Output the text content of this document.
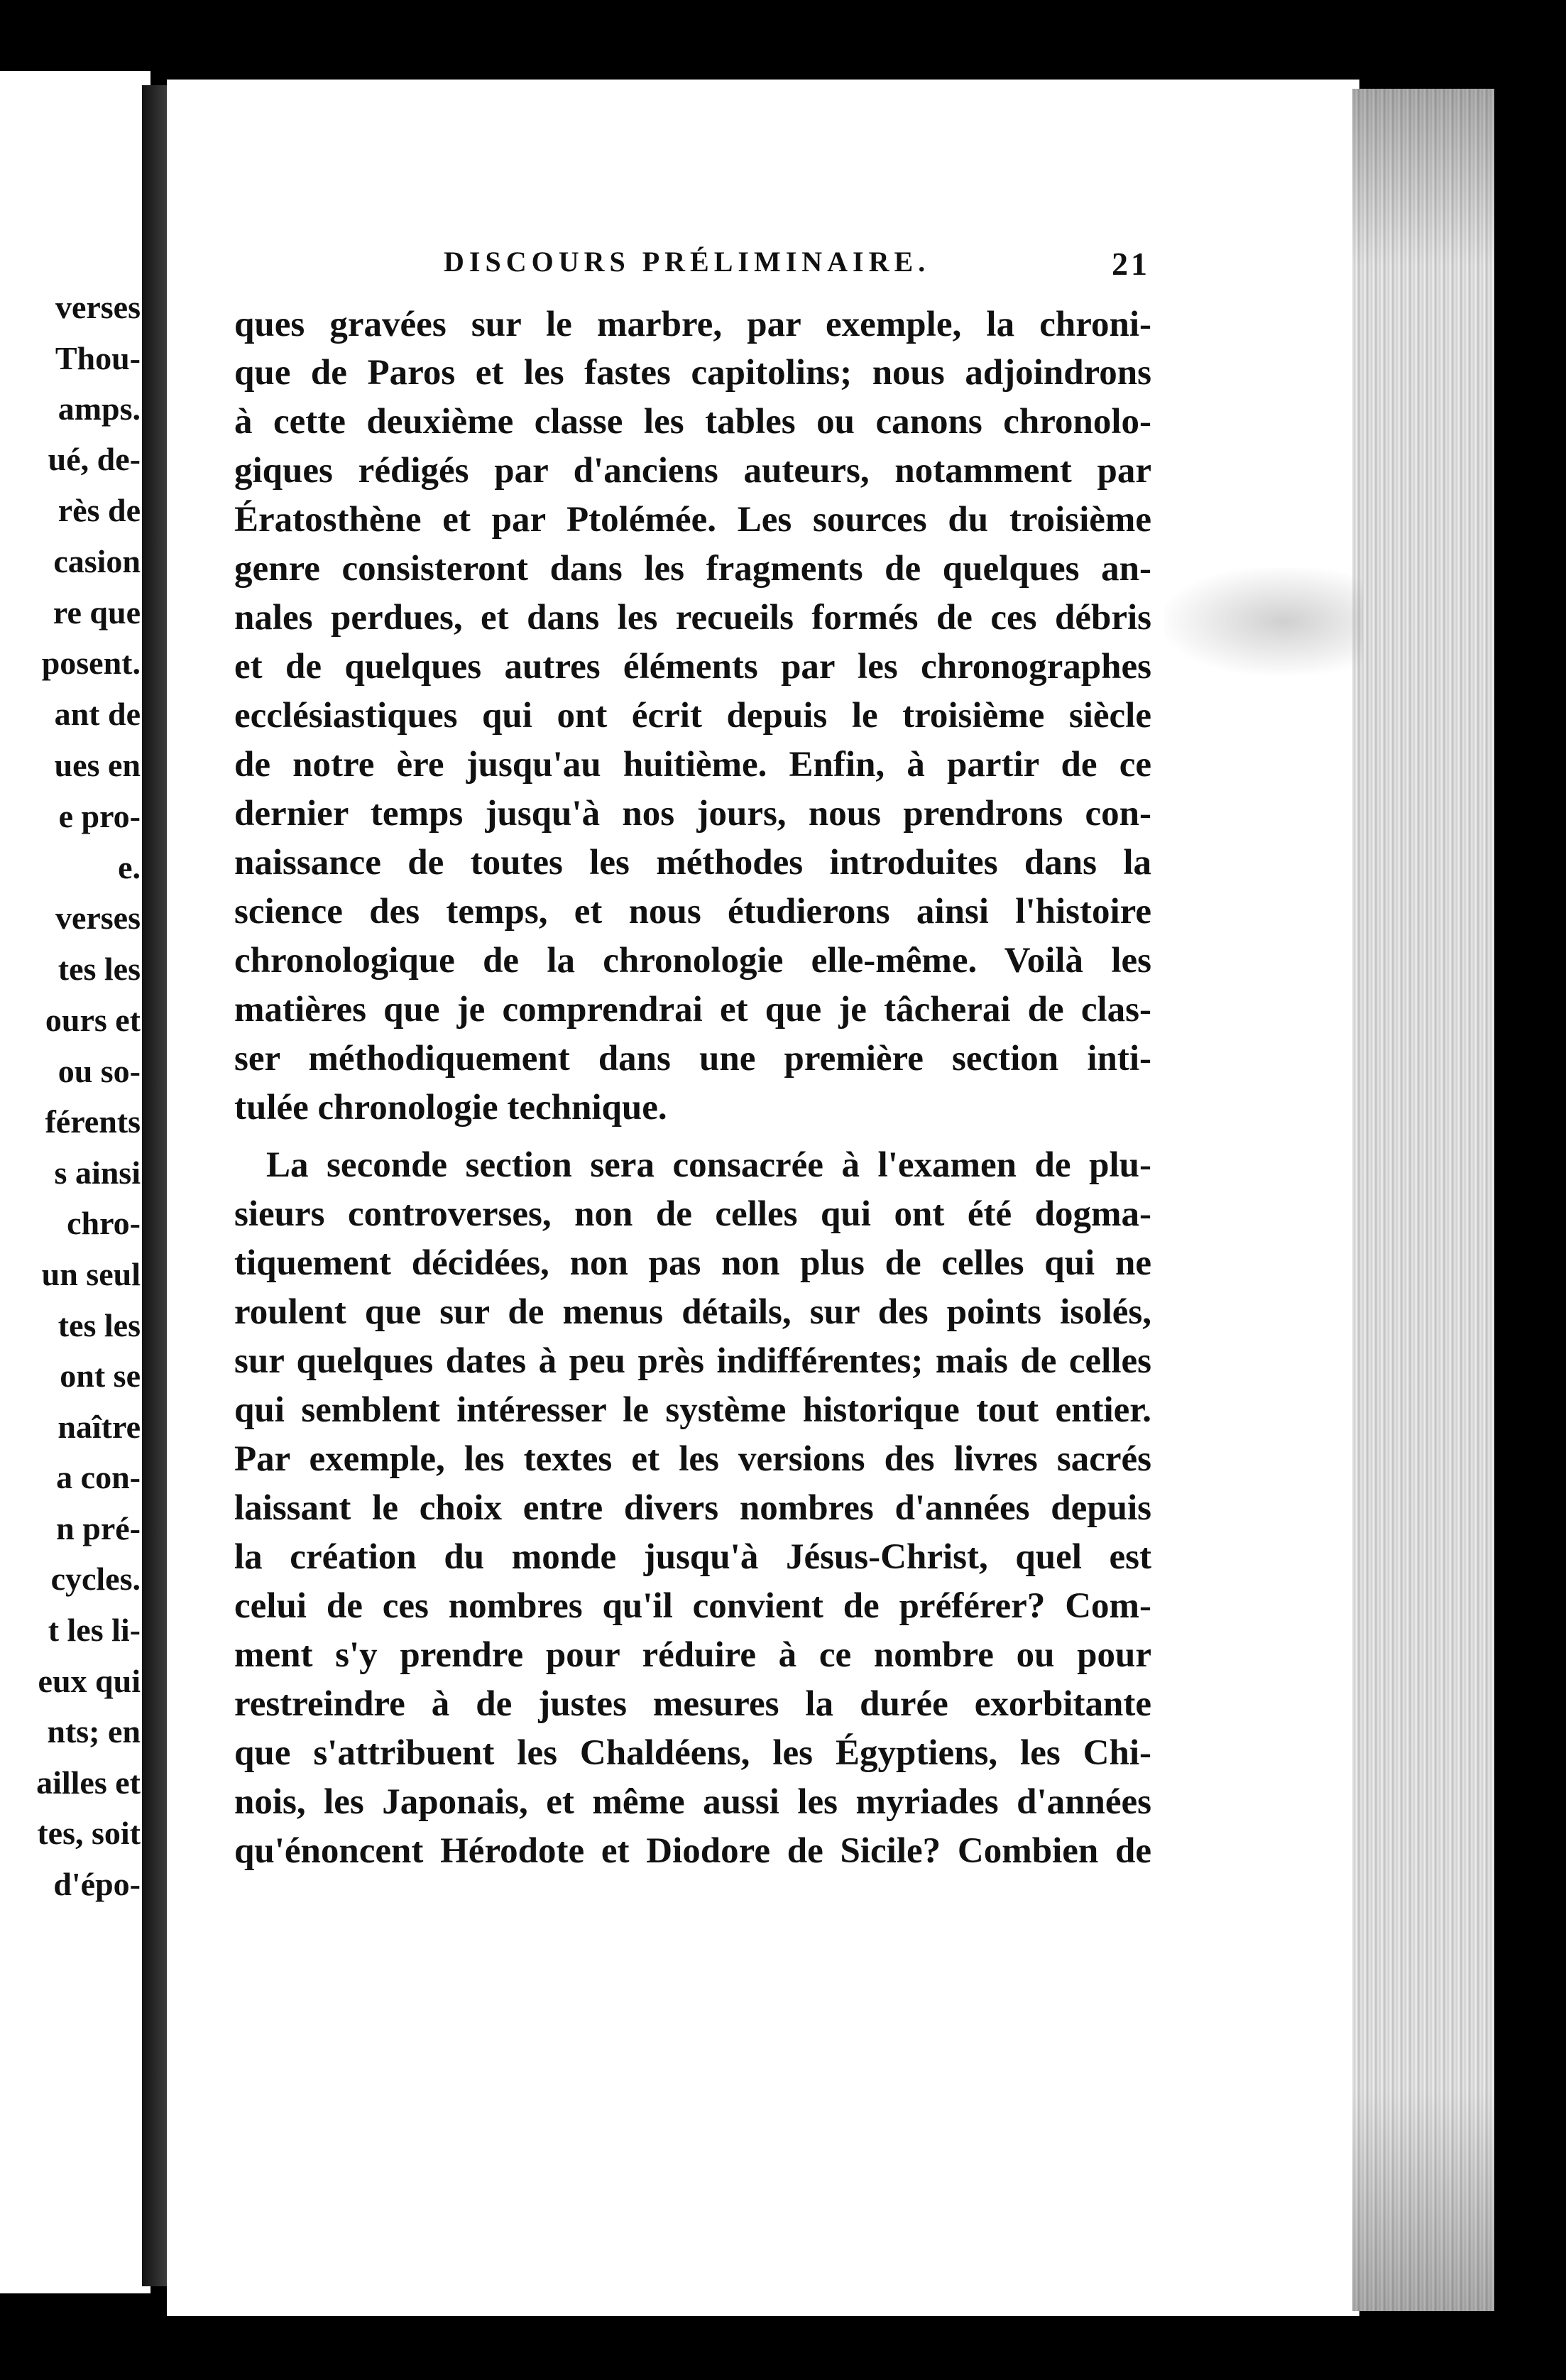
verses
Thou-
amps.
ué, de-
rès de
casion
re que
posent.
ant de
ues en
e pro-
e.
verses
tes les
ours et
ou so-
férents
s ainsi
chro-
un seul
tes les
ont se
naître
a con-
n pré-
cycles.
t les li-
eux qui
nts; en
ailles et
tes, soit
d'épo-
DISCOURS PRÉLIMINAIRE.	21
ques gravées sur le marbre, par exemple, la chroni-
que de Paros et les fastes capitolins; nous adjoindrons
à cette deuxième classe les tables ou canons chronolo-
giques rédigés par d'anciens auteurs, notamment par
Ératosthène et par Ptolémée. Les sources du troisième
genre consisteront dans les fragments de quelques an-
nales perdues, et dans les recueils formés de ces débris
et de quelques autres éléments par les chronographes
ecclésiastiques qui ont écrit depuis le troisième siècle
de notre ère jusqu'au huitième. Enfin, à partir de ce
dernier temps jusqu'à nos jours, nous prendrons con-
naissance de toutes les méthodes introduites dans la
science des temps, et nous étudierons ainsi l'histoire
chronologique de la chronologie elle-même. Voilà les
matières que je comprendrai et que je tâcherai de clas-
ser méthodiquement dans une première section inti-
tulée chronologie technique.
La seconde section sera consacrée à l'examen de plu-
sieurs controverses, non de celles qui ont été dogma-
tiquement décidées, non pas non plus de celles qui ne
roulent que sur de menus détails, sur des points isolés,
sur quelques dates à peu près indifférentes; mais de celles
qui semblent intéresser le système historique tout entier.
Par exemple, les textes et les versions des livres sacrés
laissant le choix entre divers nombres d'années depuis
la création du monde jusqu'à Jésus-Christ, quel est
celui de ces nombres qu'il convient de préférer? Com-
ment s'y prendre pour réduire à ce nombre ou pour
restreindre à de justes mesures la durée exorbitante
que s'attribuent les Chaldéens, les Égyptiens, les Chi-
nois, les Japonais, et même aussi les myriades d'années
qu'énoncent Hérodote et Diodore de Sicile? Combien de
